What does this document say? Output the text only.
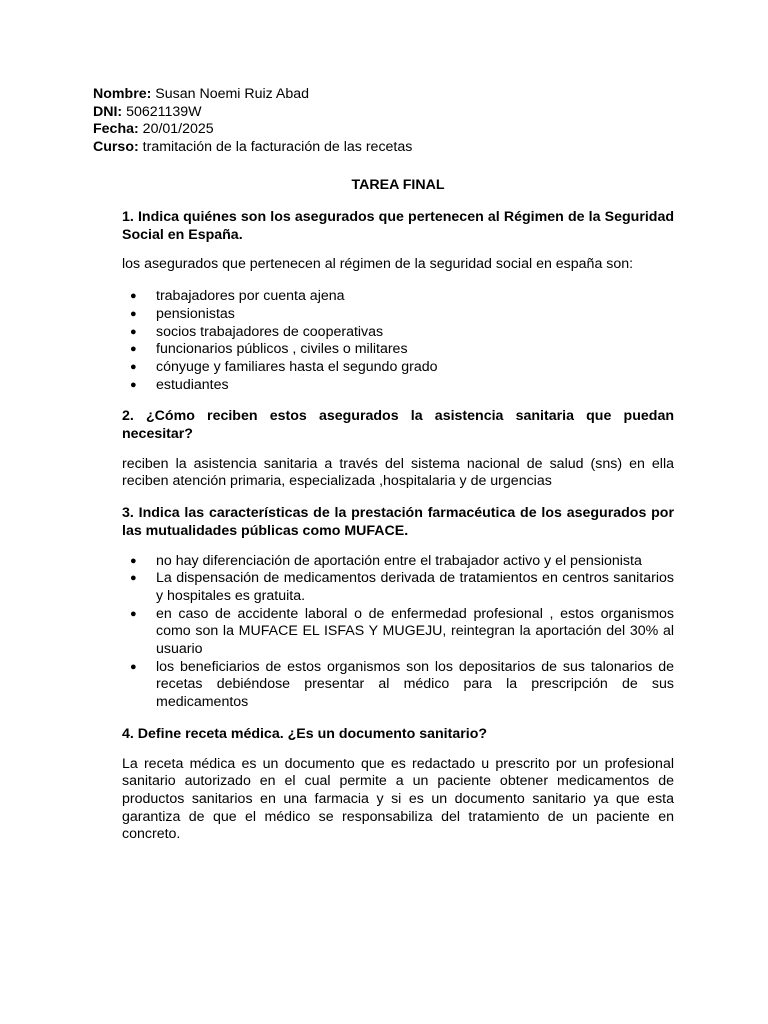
Nombre: Susan Noemi Ruiz Abad
DNI: 50621139W
Fecha: 20/01/2025
Curso: tramitación de la facturación de las recetas
TAREA FINAL

1. Indica quiénes son los asegurados que pertenecen al Régimen de la Seguridad Social en España.

los asegurados que pertenecen al régimen de la seguridad social en españa son:

● trabajadores por cuenta ajena
● pensionistas
● socios trabajadores de cooperativas
● funcionarios públicos , civiles o militares
● cónyuge y familiares hasta el segundo grado
● estudiantes

2. ¿Cómo reciben estos asegurados la asistencia sanitaria que puedan necesitar?

reciben la asistencia sanitaria a través del sistema nacional de salud (sns) en ella reciben atención primaria, especializada ,hospitalaria y de urgencias

3. Indica las características de la prestación farmacéutica de los asegurados por las mutualidades públicas como MUFACE.

● no hay diferenciación de aportación entre el trabajador activo y el pensionista
● La dispensación de medicamentos derivada de tratamientos en centros sanitarios y hospitales es gratuita.
● en caso de accidente laboral o de enfermedad profesional , estos organismos como son la MUFACE EL ISFAS Y MUGEJU, reintegran la aportación del 30% al usuario
● los beneficiarios de estos organismos son los depositarios de sus talonarios de recetas debiéndose presentar al médico para la prescripción de sus medicamentos

4. Define receta médica. ¿Es un documento sanitario?

La receta médica es un documento que es redactado u prescrito por un profesional sanitario autorizado en el cual permite a un paciente obtener medicamentos de productos sanitarios en una farmacia y si es un documento sanitario ya que esta garantiza de que el médico se responsabiliza del tratamiento de un paciente en concreto.
